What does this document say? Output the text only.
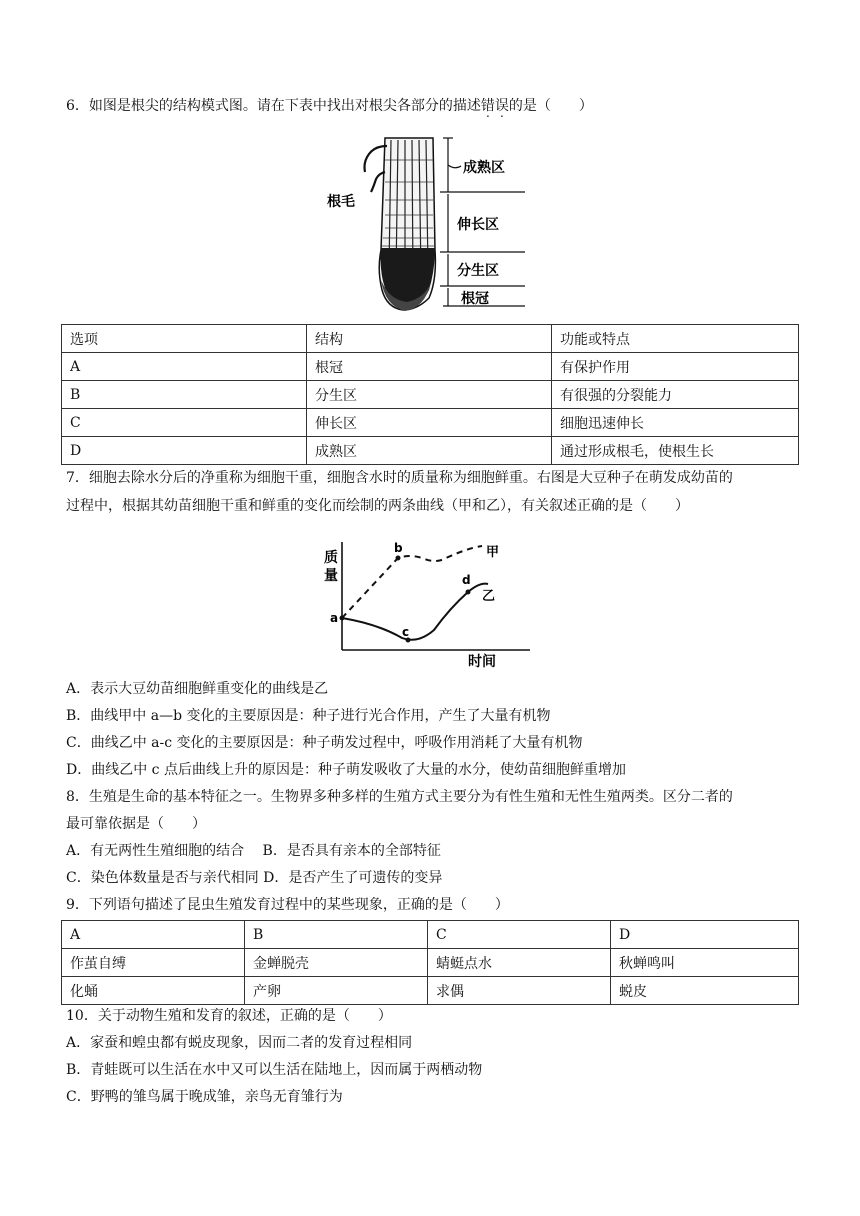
6．如图是根尖的结构模式图。请在下表中找出对根尖各部分的描述错误的是（　　）
成熟区
伸长区
分生区
根冠
根毛
选项	结构	功能或特点
A	根冠	有保护作用
B	分生区	有很强的分裂能力
C	伸长区	细胞迅速伸长
D	成熟区	通过形成根毛，使根生长
7．细胞去除水分后的净重称为细胞干重，细胞含水时的质量称为细胞鲜重。右图是大豆种子在萌发成幼苗的
过程中，根据其幼苗细胞干重和鲜重的变化而绘制的两条曲线（甲和乙），有关叙述正确的是（　　）
质
量
时间
a
b
c
d
甲
乙
A．表示大豆幼苗细胞鲜重变化的曲线是乙
B．曲线甲中 a—b 变化的主要原因是：种子进行光合作用，产生了大量有机物
C．曲线乙中 a-c 变化的主要原因是：种子萌发过程中，呼吸作用消耗了大量有机物
D．曲线乙中 c 点后曲线上升的原因是：种子萌发吸收了大量的水分，使幼苗细胞鲜重增加
8．生殖是生命的基本特征之一。生物界多种多样的生殖方式主要分为有性生殖和无性生殖两类。区分二者的
最可靠依据是（　　）
A．有无两性生殖细胞的结合　 B．是否具有亲本的全部特征
C．染色体数量是否与亲代相同 D．是否产生了可遗传的变异
9．下列语句描述了昆虫生殖发育过程中的某些现象，正确的是（　　）
A	B	C	D
作茧自缚	金蝉脱壳	蜻蜓点水	秋蝉鸣叫
化蛹	产卵	求偶	蜕皮
10．关于动物生殖和发育的叙述，正确的是（　　）
A．家蚕和蝗虫都有蜕皮现象，因而二者的发育过程相同
B．青蛙既可以生活在水中又可以生活在陆地上，因而属于两栖动物
C．野鸭的雏鸟属于晚成雏，亲鸟无育雏行为
